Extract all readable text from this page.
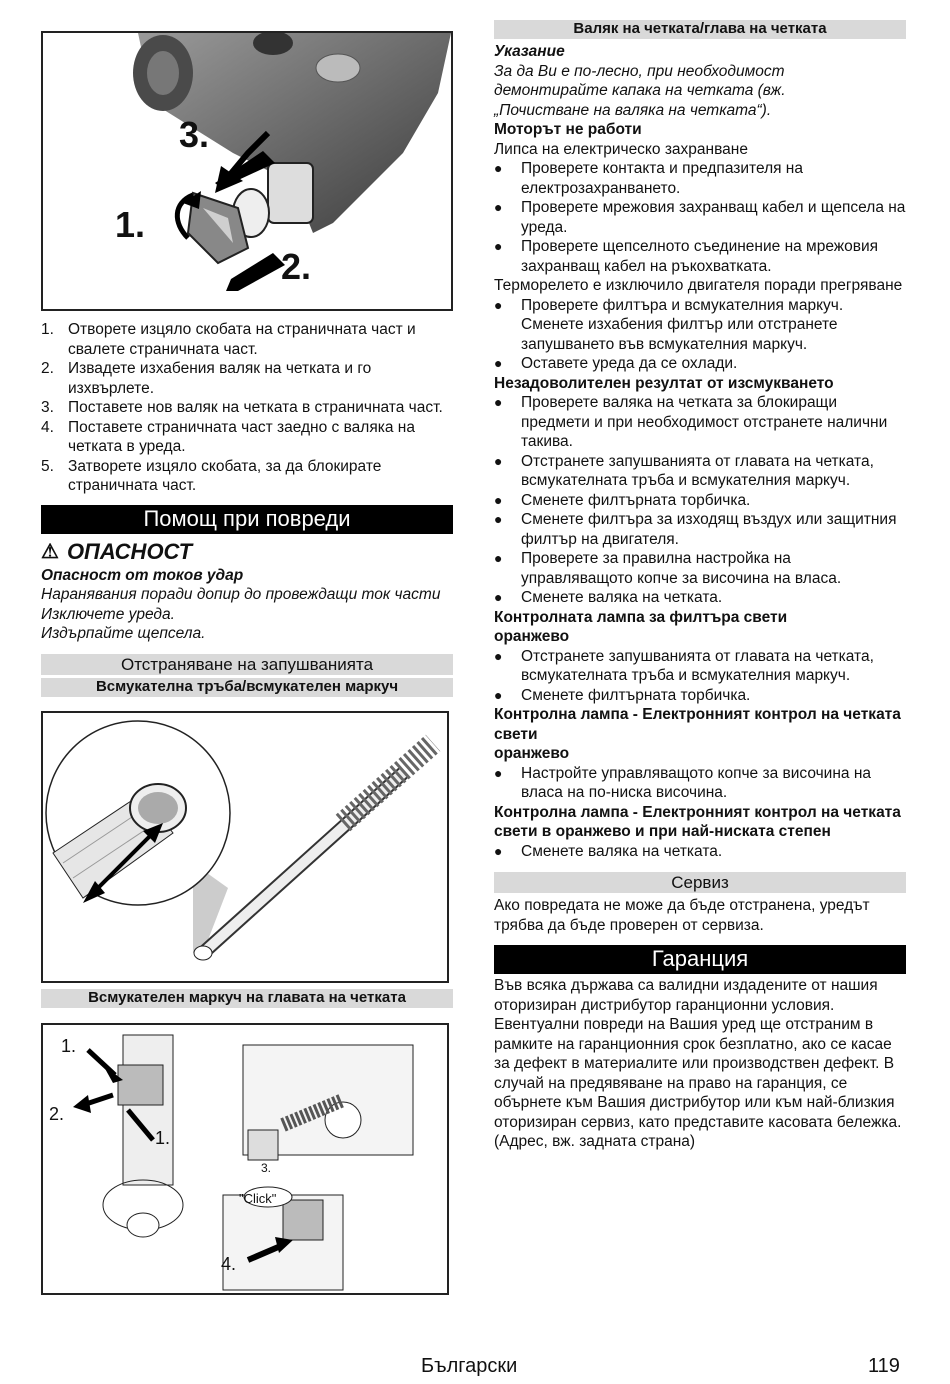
3.
1.
2.
1. Отворете изцяло скобата на страничната част и свалете страничната част.
2. Извадете изхабения валяк на четката и го изхвърлете.
3. Поставете нов валяк на четката в страничната част.
4. Поставете страничната част заедно с валяка на четката в уреда.
5. Затворете изцяло скобата, за да блокирате страничната част.
Помощ при повреди
⚠ ОПАСНОСТ
Опасност от токов удар
Наранявания поради допир до провеждащи ток части
Изключете уреда.
Издърпайте щепсела.
Отстраняване на запушванията
Всмукателна тръба/всмукателен маркуч
Всмукателен маркуч на главата на четката
1.
2.
1.
3.
"Click"
4.
Валяк на четката/глава на четката
Указание
За да Ви е по-лесно, при необходимост демонтирайте капака на четката (вж. „Почистване на валяка на четката“).
Моторът не работи
Липса на електрическо захранване
●	Проверете контакта и предпазителя на електрозахранването.
●	Проверете мрежовия захранващ кабел и щепсела на уреда.
●	Проверете щепселното съединение на мрежовия захранващ кабел на ръкохватката.
Терморелето е изключило двигателя поради прегряване
●	Проверете филтъра и всмукателния маркуч. Сменете изхабения филтър или отстранете запушването във всмукателния маркуч.
●	Оставете уреда да се охлади.
Незадоволителен резултат от изсмукването
●	Проверете валяка на четката за блокиращи предмети и при необходимост отстранете налични такива.
●	Отстранете запушванията от главата на четката, всмукателната тръба и всмукателния маркуч.
●	Сменете филтърната торбичка.
●	Сменете филтъра за изходящ въздух или защитния филтър на двигателя.
●	Проверете за правилна настройка на управляващото копче за височина на власа.
●	Сменете валяка на четката.
Контролната лампа за филтъра свети
оранжево
●	Отстранете запушванията от главата на четката, всмукателната тръба и всмукателния маркуч.
●	Сменете филтърната торбичка.
Контролна лампа - Електронният контрол на четката свети
оранжево
●	Настройте управляващото копче за височина на власа на по-ниска височина.
Контролна лампа - Електронният контрол на четката свети в оранжево и при най-ниската степен
●	Сменете валяка на четката.
Сервиз
Ако повредата не може да бъде отстранена, уредът трябва да бъде проверен от сервиза.
Гаранция
Във всяка държава са валидни издадените от нашия оторизиран дистрибутор гаранционни условия. Евентуални повреди на Вашия уред ще отстраним в рамките на гаранционния срок безплатно, ако се касае за дефект в материалите или производствен дефект. В случай на предявяване на право на гаранция, се обърнете към Вашия дистрибутор или към най-близкия оторизиран сервиз, като представите касовата бележка.
(Адрес, вж. задната страна)
Български	119
